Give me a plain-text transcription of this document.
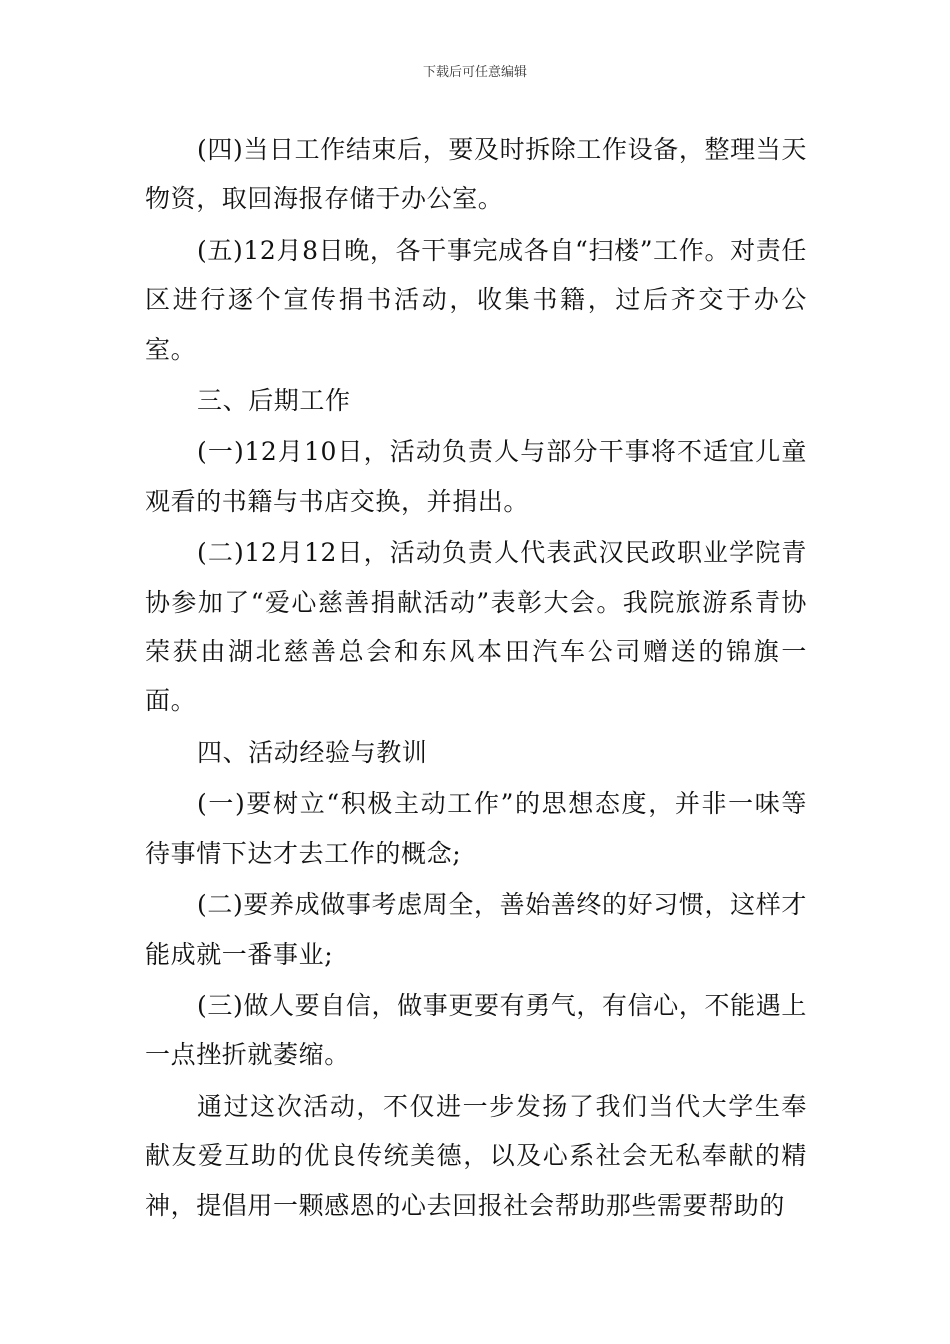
下载后可任意编辑

(四)当日工作结束后，要及时拆除工作设备，整理当天物资，取回海报存储于办公室。

(五)12月8日晚，各干事完成各自“扫楼”工作。对责任区进行逐个宣传捐书活动，收集书籍，过后齐交于办公室。

三、后期工作

(一)12月10日，活动负责人与部分干事将不适宜儿童观看的书籍与书店交换，并捐出。

(二)12月12日，活动负责人代表武汉民政职业学院青协参加了“爱心慈善捐献活动”表彰大会。我院旅游系青协荣获由湖北慈善总会和东风本田汽车公司赠送的锦旗一面。

四、活动经验与教训

(一)要树立“积极主动工作”的思想态度，并非一味等待事情下达才去工作的概念;

(二)要养成做事考虑周全，善始善终的好习惯，这样才能成就一番事业;

(三)做人要自信，做事更要有勇气，有信心，不能遇上一点挫折就萎缩。

通过这次活动，不仅进一步发扬了我们当代大学生奉献友爱互助的优良传统美德，以及心系社会无私奉献的精神，提倡用一颗感恩的心去回报社会帮助那些需要帮助的
